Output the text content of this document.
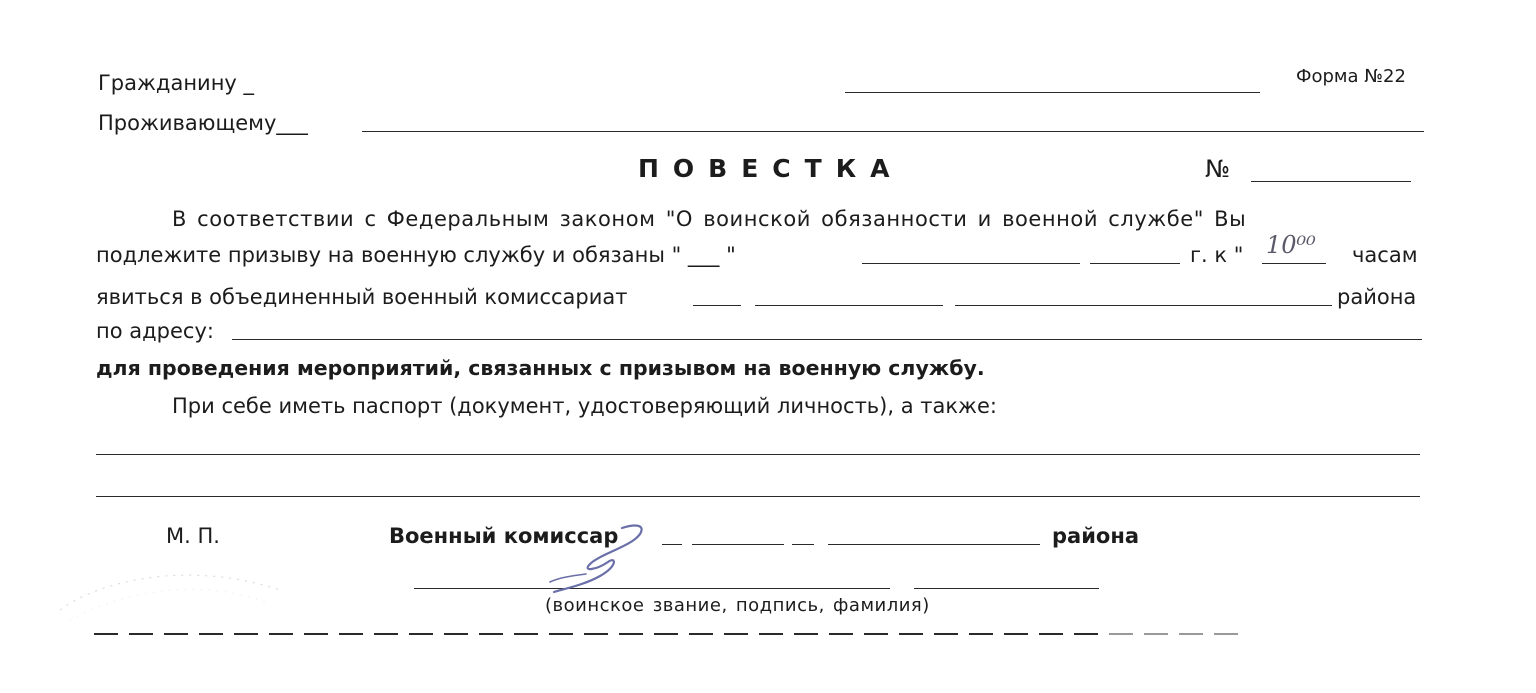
Гражданину _	Форма №22
Проживающему___
ПОВЕСТКА	№
В соответствии с Федеральным законом "О воинской обязанности и военной службе" Вы
подлежите призыву на военную службу и обязаны " ___ "	г. к " 10⁰⁰ часам
явиться в объединенный военный комиссариат	района
по адресу:
для проведения мероприятий, связанных с призывом на военную службу.
При себе иметь паспорт (документ, удостоверяющий личность), а также:
М. П.	Военный комиссар	района
(воинское звание, подпись, фамилия)
